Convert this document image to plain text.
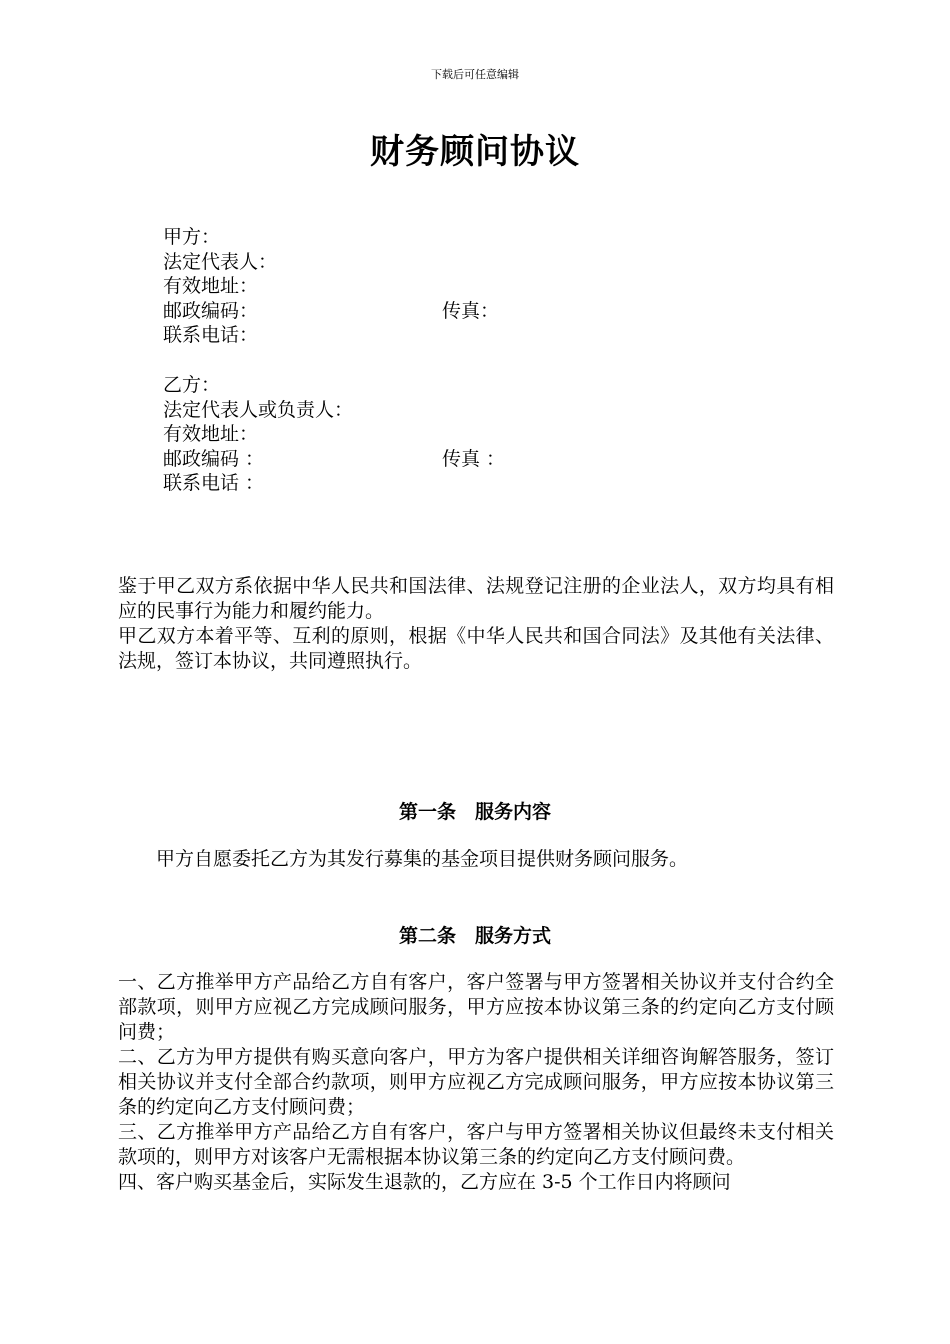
下载后可任意编辑
财务顾问协议
甲方：
法定代表人：
有效地址：
邮政编码：	传真：
联系电话：
乙方：
法定代表人或负责人：
有效地址：
邮政编码 ：	传真 ：
联系电话 ：

鉴于甲乙双方系依据中华人民共和国法律、法规登记注册的企业法人，双方均具有相应的民事行为能力和履约能力。

甲乙双方本着平等、互利的原则，根据《中华人民共和国合同法》及其他有关法律、法规，签订本协议，共同遵照执行。

第一条　服务内容
甲方自愿委托乙方为其发行募集的基金项目提供财务顾问服务。
第二条　服务方式

一、乙方推举甲方产品给乙方自有客户，客户签署与甲方签署相关协议并支付合约全部款项，则甲方应视乙方完成顾问服务，甲方应按本协议第三条的约定向乙方支付顾问费；

二、乙方为甲方提供有购买意向客户，甲方为客户提供相关详细咨询解答服务，签订相关协议并支付全部合约款项，则甲方应视乙方完成顾问服务，甲方应按本协议第三条的约定向乙方支付顾问费；

三、乙方推举甲方产品给乙方自有客户，客户与甲方签署相关协议但最终未支付相关款项的，则甲方对该客户无需根据本协议第三条的约定向乙方支付顾问费。

四、客户购买基金后，实际发生退款的，乙方应在 3-5 个工作日内将顾问
